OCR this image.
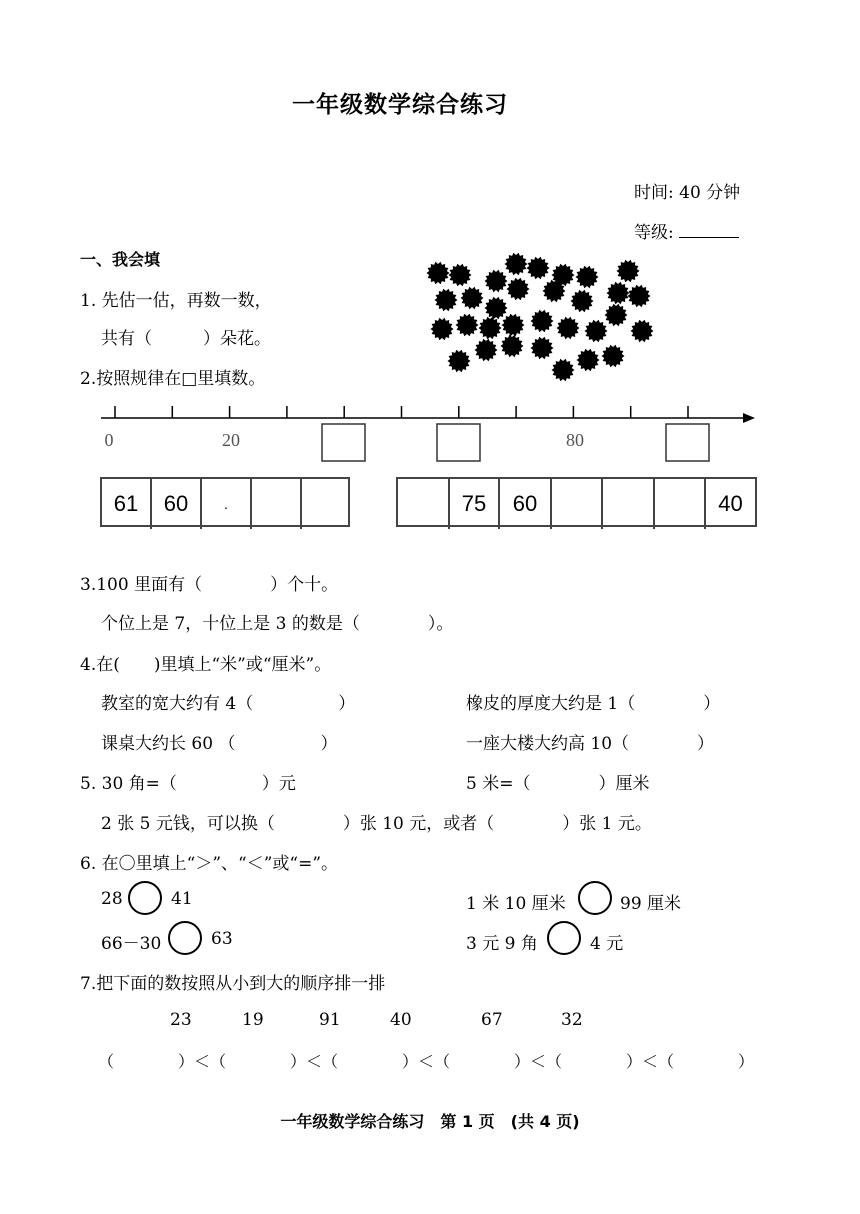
一年级数学综合练习
时间: 40 分钟
等级:
一、我会填
1. 先估一估，再数一数，
共有（　　　）朵花。
2.按照规律在□里填数。
0	20	80
61	60	.	75	60	40
3.100 里面有（　　　　）个十。
个位上是 7，十位上是 3 的数是（　　　　）。
4.在(　　)里填上“米”或“厘米”。
教室的宽大约有 4（　　　　　）	橡皮的厚度大约是 1（　　　　）
课桌大约长 60 （　　　　　）	一座大楼大约高 10（　　　　）
5. 30 角=（　　　　　）元	5 米=（　　　　）厘米
2 张 5 元钱，可以换（　　　　）张 10 元，或者（　　　　）张 1 元。
6. 在〇里填上“＞”、“＜”或“=”。
28	41	1 米 10 厘米	99 厘米
66－30	63	3 元 9 角	4 元
7.把下面的数按照从小到大的顺序排一排
23	19	91	40	67	32
（　　　　）＜（　　　　）＜（　　　　）＜（　　　　）＜（　　　　）＜（　　　　）
一年级数学综合练习　第 1 页　(共 4 页)
